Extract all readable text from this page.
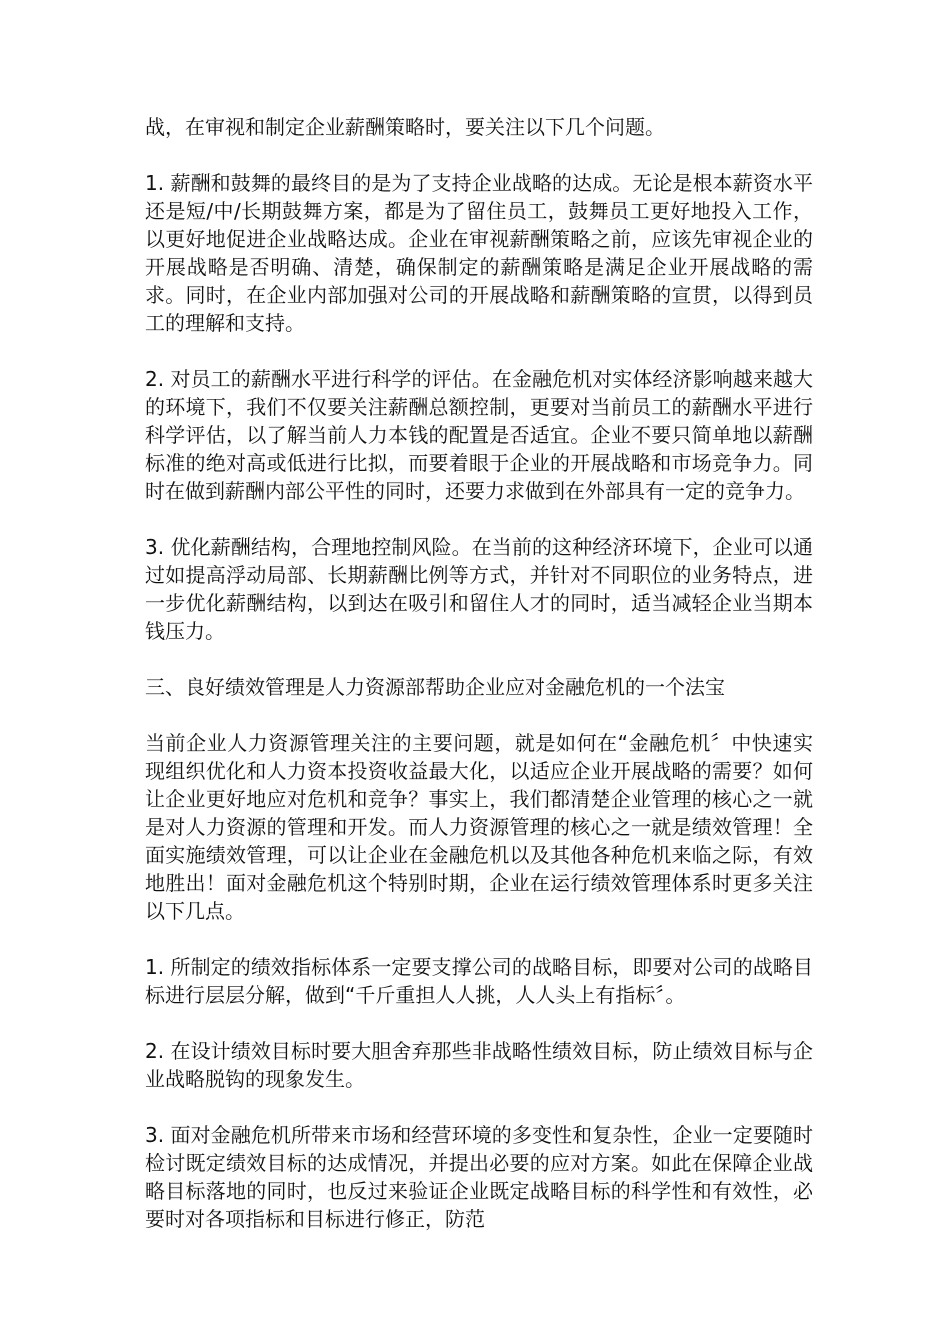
战，在审视和制定企业薪酬策略时，要关注以下几个问题。

1. 薪酬和鼓舞的最终目的是为了支持企业战略的达成。无论是根本薪资水平还是短/中/长期鼓舞方案，都是为了留住员工，鼓舞员工更好地投入工作，以更好地促进企业战略达成。企业在审视薪酬策略之前，应该先审视企业的开展战略是否明确、清楚，确保制定的薪酬策略是满足企业开展战略的需求。同时，在企业内部加强对公司的开展战略和薪酬策略的宣贯，以得到员工的理解和支持。

2. 对员工的薪酬水平进行科学的评估。在金融危机对实体经济影响越来越大的环境下，我们不仅要关注薪酬总额控制，更要对当前员工的薪酬水平进行科学评估，以了解当前人力本钱的配置是否适宜。企业不要只简单地以薪酬标准的绝对高或低进行比拟，而要着眼于企业的开展战略和市场竞争力。同时在做到薪酬内部公平性的同时，还要力求做到在外部具有一定的竞争力。

3. 优化薪酬结构，合理地控制风险。在当前的这种经济环境下，企业可以通过如提高浮动局部、长期薪酬比例等方式，并针对不同职位的业务特点，进一步优化薪酬结构，以到达在吸引和留住人才的同时，适当减轻企业当期本钱压力。

三、良好绩效管理是人力资源部帮助企业应对金融危机的一个法宝

当前企业人力资源管理关注的主要问题，就是如何在“金融危机〞中快速实现组织优化和人力资本投资收益最大化，以适应企业开展战略的需要？如何让企业更好地应对危机和竞争？事实上，我们都清楚企业管理的核心之一就是对人力资源的管理和开发。而人力资源管理的核心之一就是绩效管理！全面实施绩效管理，可以让企业在金融危机以及其他各种危机来临之际，有效地胜出！面对金融危机这个特别时期，企业在运行绩效管理体系时更多关注以下几点。

1. 所制定的绩效指标体系一定要支撑公司的战略目标，即要对公司的战略目标进行层层分解，做到“千斤重担人人挑，人人头上有指标〞。

2. 在设计绩效目标时要大胆舍弃那些非战略性绩效目标，防止绩效目标与企业战略脱钩的现象发生。

3. 面对金融危机所带来市场和经营环境的多变性和复杂性，企业一定要随时检讨既定绩效目标的达成情况，并提出必要的应对方案。如此在保障企业战略目标落地的同时，也反过来验证企业既定战略目标的科学性和有效性，必要时对各项指标和目标进行修正，防范
